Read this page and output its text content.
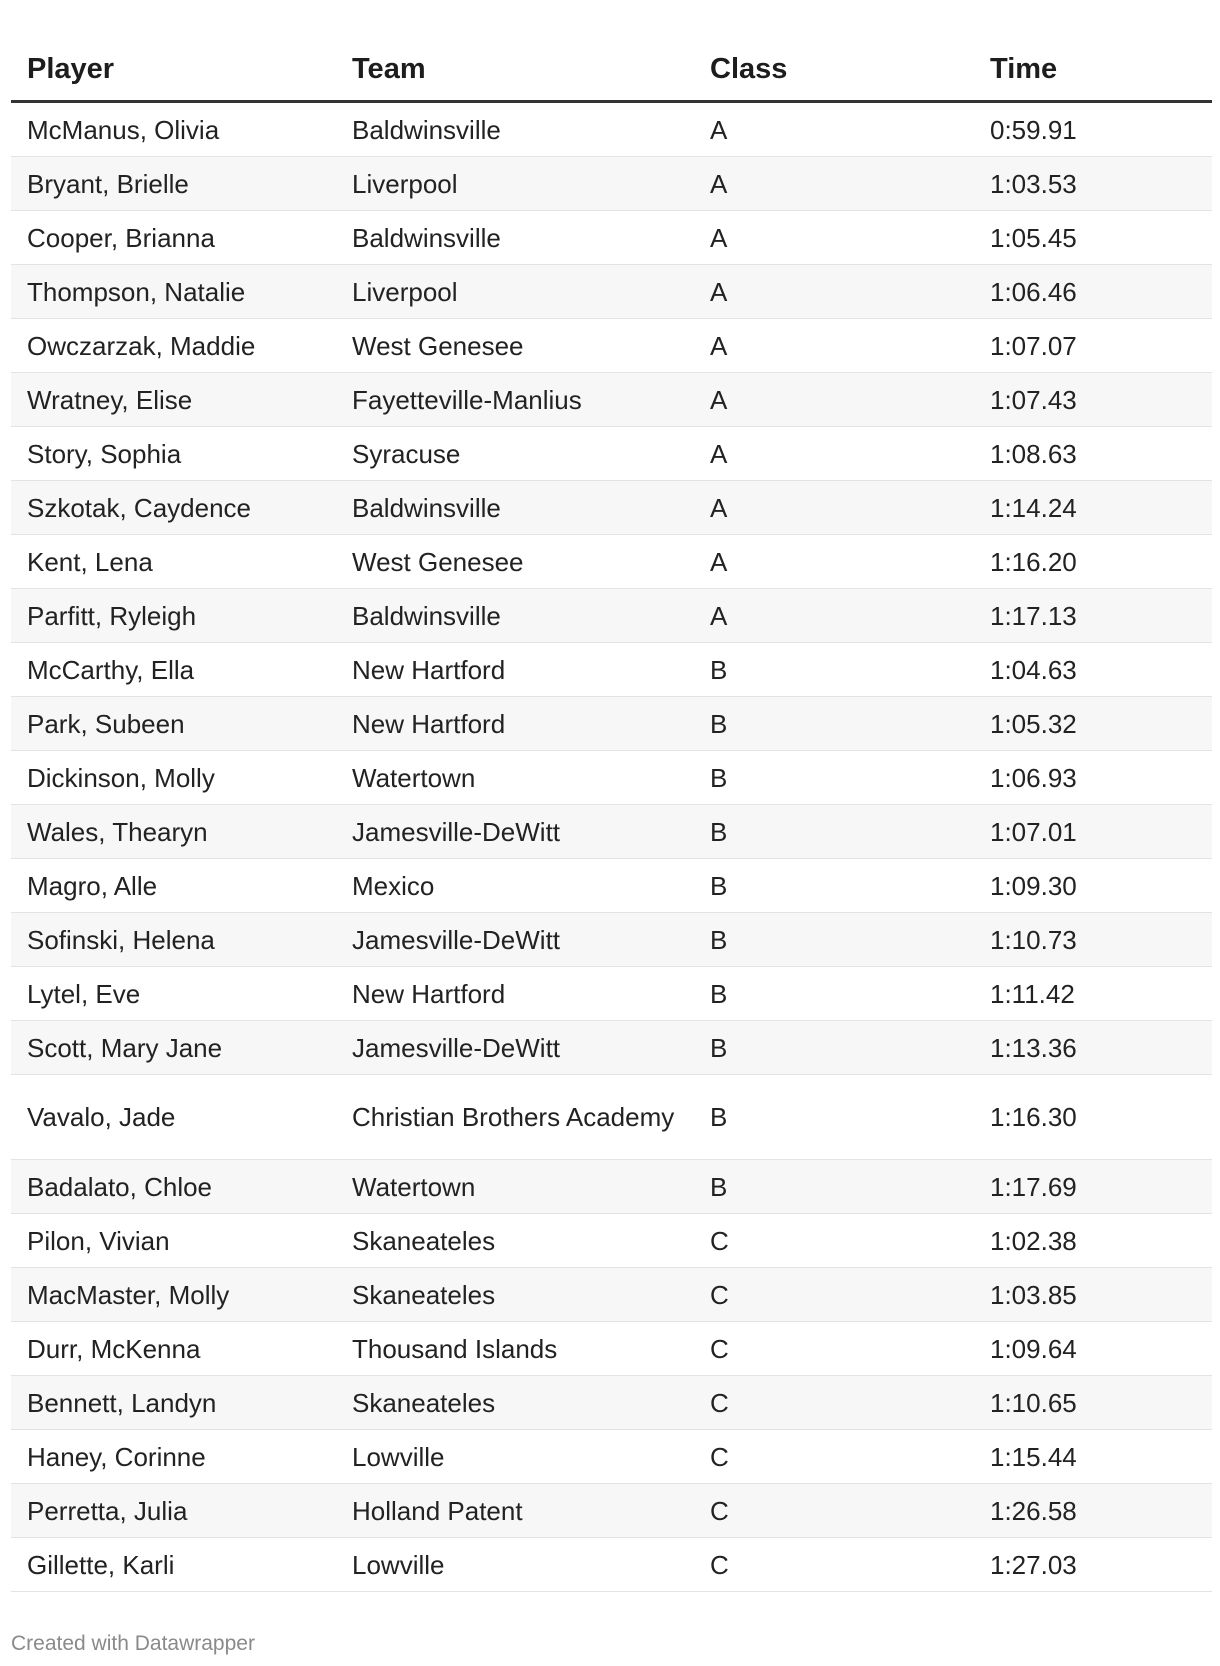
Player	Team	Class	Time
McManus, Olivia	Baldwinsville	A	0:59.91
Bryant, Brielle	Liverpool	A	1:03.53
Cooper, Brianna	Baldwinsville	A	1:05.45
Thompson, Natalie	Liverpool	A	1:06.46
Owczarzak, Maddie	West Genesee	A	1:07.07
Wratney, Elise	Fayetteville-Manlius	A	1:07.43
Story, Sophia	Syracuse	A	1:08.63
Szkotak, Caydence	Baldwinsville	A	1:14.24
Kent, Lena	West Genesee	A	1:16.20
Parfitt, Ryleigh	Baldwinsville	A	1:17.13
McCarthy, Ella	New Hartford	B	1:04.63
Park, Subeen	New Hartford	B	1:05.32
Dickinson, Molly	Watertown	B	1:06.93
Wales, Thearyn	Jamesville-DeWitt	B	1:07.01
Magro, Alle	Mexico	B	1:09.30
Sofinski, Helena	Jamesville-DeWitt	B	1:10.73
Lytel, Eve	New Hartford	B	1:11.42
Scott, Mary Jane	Jamesville-DeWitt	B	1:13.36
Vavalo, Jade	Christian Brothers Academy	B	1:16.30
Badalato, Chloe	Watertown	B	1:17.69
Pilon, Vivian	Skaneateles	C	1:02.38
MacMaster, Molly	Skaneateles	C	1:03.85
Durr, McKenna	Thousand Islands	C	1:09.64
Bennett, Landyn	Skaneateles	C	1:10.65
Haney, Corinne	Lowville	C	1:15.44
Perretta, Julia	Holland Patent	C	1:26.58
Gillette, Karli	Lowville	C	1:27.03
Created with Datawrapper
